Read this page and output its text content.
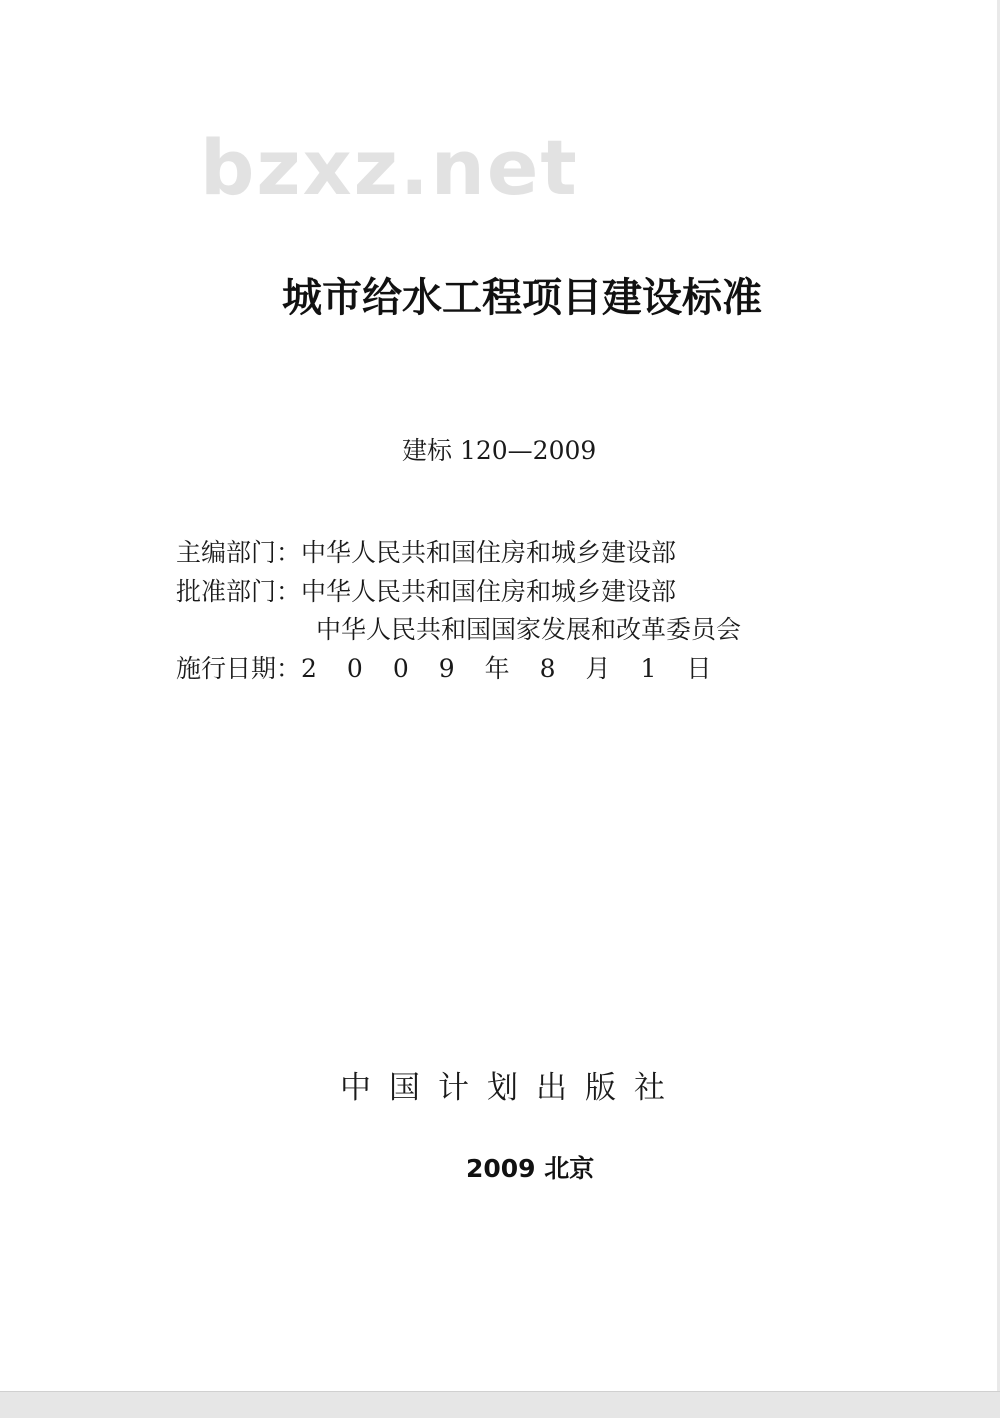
bzxz.net
城市给水工程项目建设标准
建标 120—2009
主编部门：中华人民共和国住房和城乡建设部
批准部门：中华人民共和国住房和城乡建设部
中华人民共和国国家发展和改革委员会
施行日期：2009年8月1日
中国计划出版社
2009 北京
